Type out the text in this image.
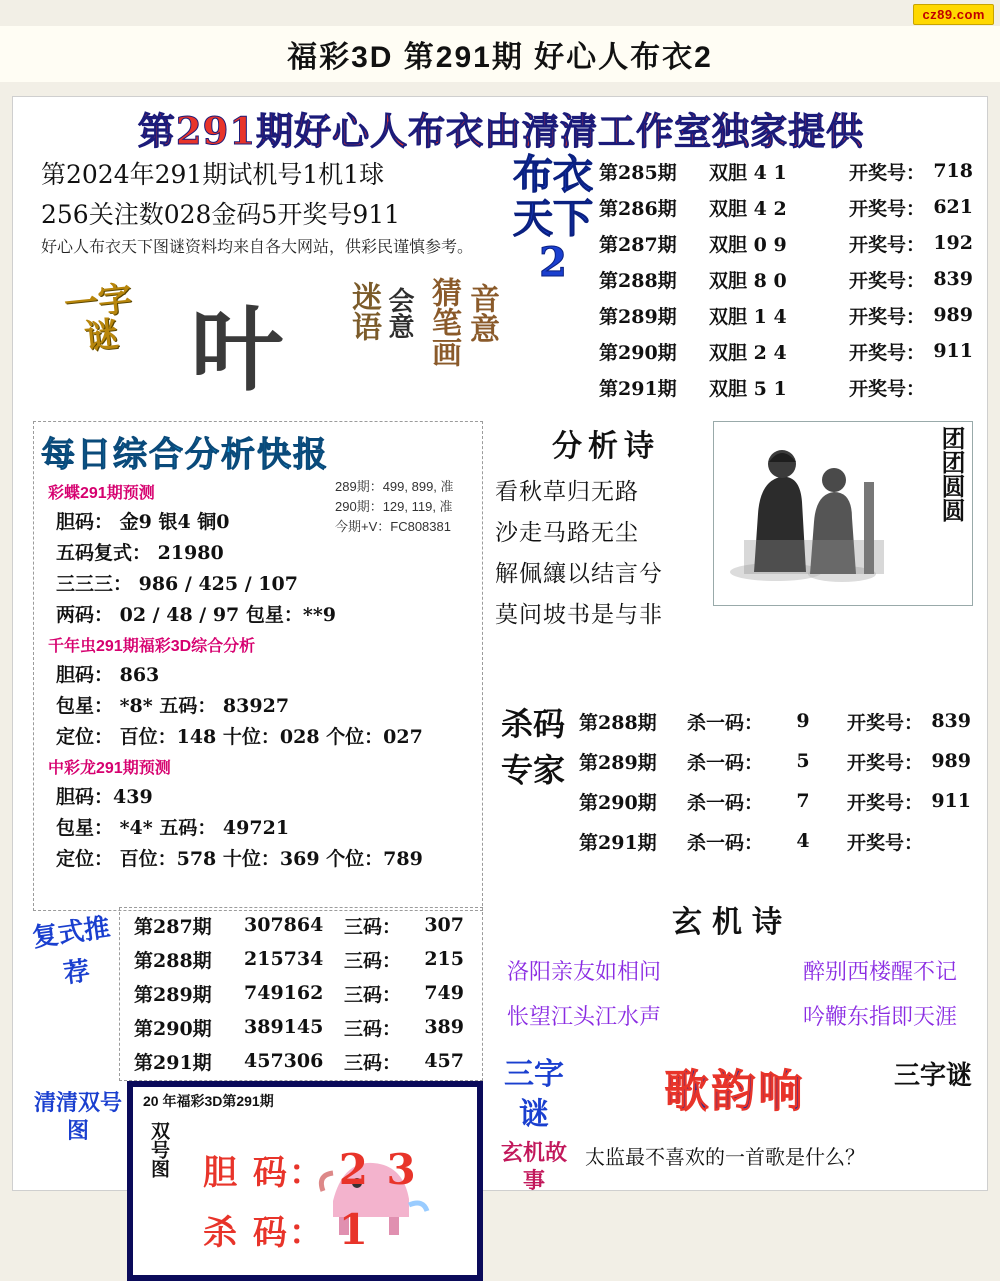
cz89.com
福彩3D 第291期 好心人布衣2
第291期好心人布衣由清清工作室独家提供
第2024年291期试机号1机1球
256关注数028金码5开奖号911
好心人布衣天下图谜资料均来自各大网站，供彩民谨慎参考。
一字谜 叶 迷语 会意 猜笔画 音意
布衣天下2
第285期	双胆 4 1	开奖号： 718
第286期	双胆 4 2	开奖号： 621
第287期	双胆 0 9	开奖号： 192
第288期	双胆 8 0	开奖号： 839
第289期	双胆 1 4	开奖号： 989
第290期	双胆 2 4	开奖号： 911
第291期	双胆 5 1	开奖号：
彩蝶291期预测
胆码： 金9 银4 铜0
五码复式： 21980
三三三： 986 / 425 / 107
两码： 02 / 48 / 97 包星：**9
千年虫291期福彩3D综合分析
胆码： 863
包星： *8* 五码： 83927
定位： 百位：148 十位：028 个位：027
中彩龙291期预测
胆码：439
包星： *4* 五码： 49721
定位： 百位：578 十位：369 个位：789
每日综合分析快报
289期：499, 899, 准
290期：129, 119, 准
今期+V：FC808381
分析诗
看秋草归无路
沙走马路无尘
解佩纕以结言兮
莫问坡书是与非
团团圆圆
杀码专家
第288期	杀一码：	9	开奖号： 839
第289期	杀一码：	5	开奖号： 989
第290期	杀一码：	7	开奖号： 911
第291期	杀一码：	4	开奖号：
复式推荐
第287期	307864	三码：	307
第288期	215734	三码：	215
第289期	749162	三码：	749
第290期	389145	三码：	389
第291期	457306	三码：	457
玄机诗
洛阳亲友如相问	醉别西楼醒不记
怅望江头江水声	吟鞭东指即天涯
清清双号图
20 年福彩3D第291期
双号图 胆 码： 2 3
杀 码： 1
三字谜
玄机故事
歌韵响
太监最不喜欢的一首歌是什么？
三字谜
